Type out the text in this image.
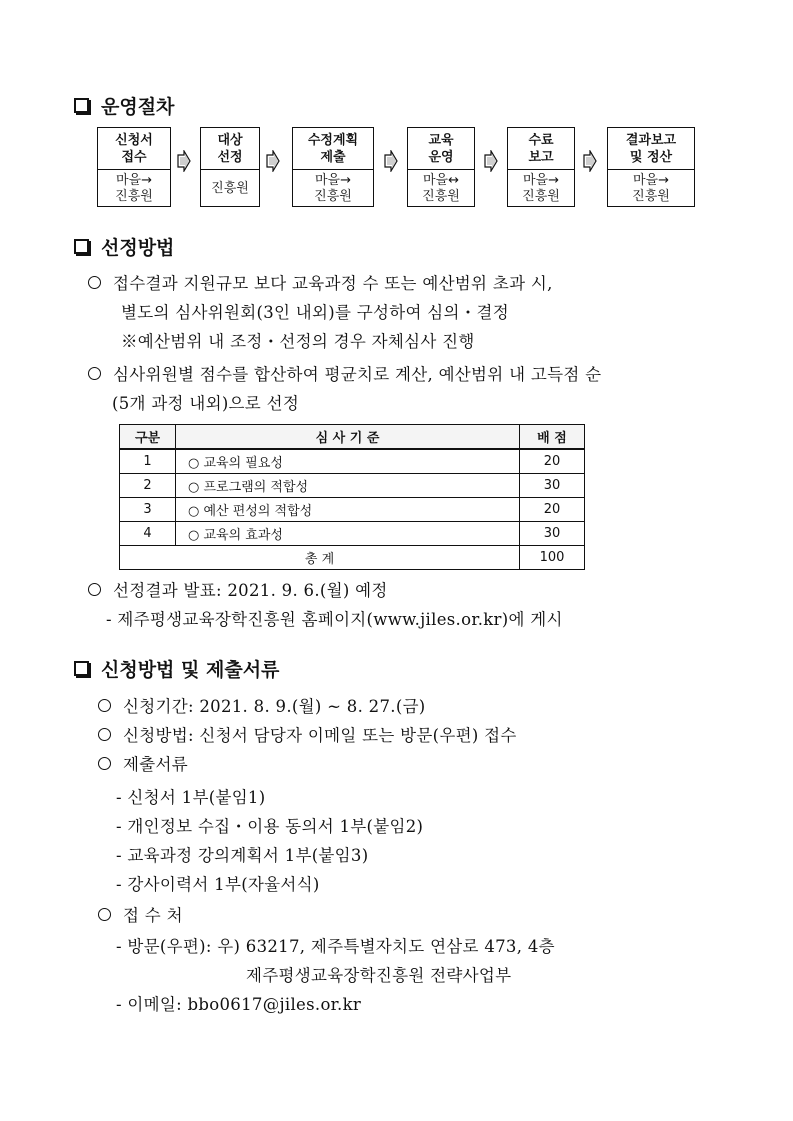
운영절차
신청서
접수
마을→
진흥원
대상
선정
진흥원
수정계획
제출
마을→
진흥원
교육
운영
마을↔
진흥원
수료
보고
마을→
진흥원
결과보고
및 정산
마을→
진흥원
선정방법
접수결과 지원규모 보다 교육과정 수 또는 예산범위 초과 시,
별도의 심사위원회(3인 내외)를 구성하여 심의・결정
※예산범위 내 조정・선정의 경우 자체심사 진행
심사위원별 점수를 합산하여 평균치로 계산, 예산범위 내 고득점 순
(5개 과정 내외)으로 선정
구분	심 사 기 준	배 점
1	○ 교육의 필요성	20
2	○ 프로그램의 적합성	30
3	○ 예산 편성의 적합성	20
4	○ 교육의 효과성	30
총 계		100
선정결과 발표: 2021. 9. 6.(월) 예정
- 제주평생교육장학진흥원 홈페이지(www.jiles.or.kr)에 게시
신청방법 및 제출서류
신청기간: 2021. 8. 9.(월) ~ 8. 27.(금)
신청방법: 신청서 담당자 이메일 또는 방문(우편) 접수
제출서류
- 신청서 1부(붙임1)
- 개인정보 수집・이용 동의서 1부(붙임2)
- 교육과정 강의계획서 1부(붙임3)
- 강사이력서 1부(자율서식)
접 수 처
- 방문(우편): 우) 63217, 제주특별자치도 연삼로 473, 4층
제주평생교육장학진흥원 전략사업부
- 이메일: bbo0617@jiles.or.kr
